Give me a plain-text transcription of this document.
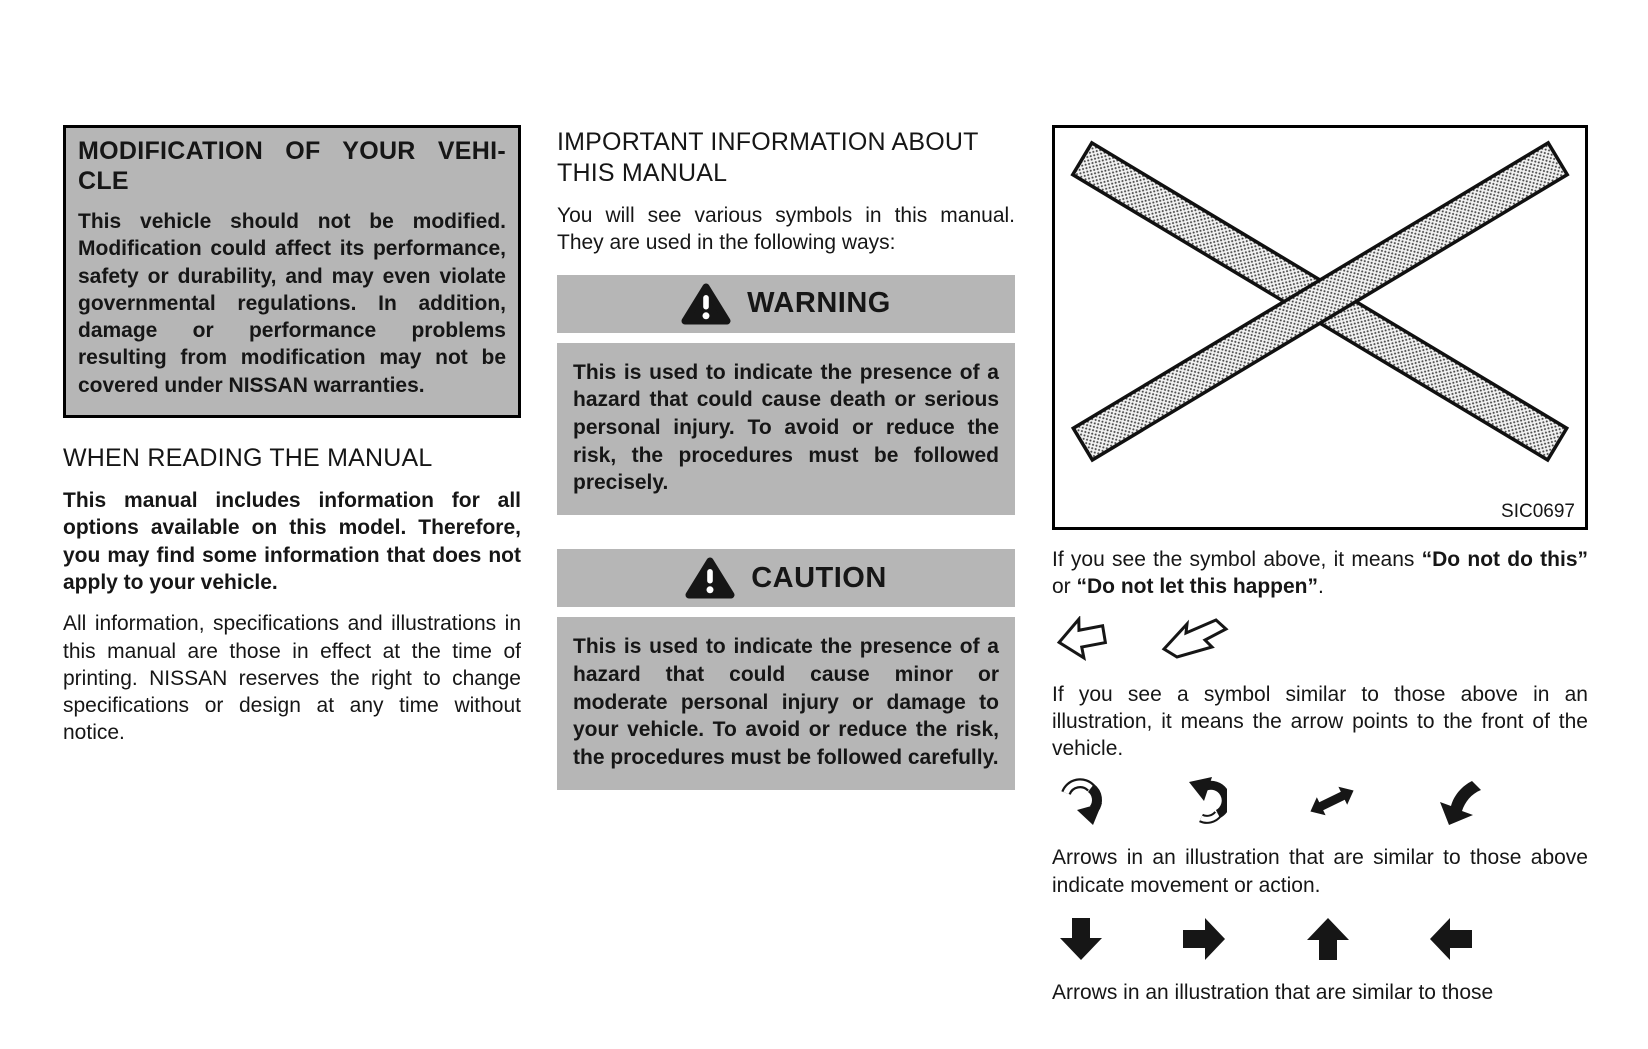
MODIFICATION OF YOUR VEHI-CLE
This vehicle should not be modified. Modification could affect its performance, safety or durability, and may even violate governmental regulations. In addition, damage or performance problems resulting from modification may not be covered under NISSAN warranties.
WHEN READING THE MANUAL

This manual includes information for all options available on this model. Therefore, you may find some information that does not apply to your vehicle.

All information, specifications and illustrations in this manual are those in effect at the time of printing. NISSAN reserves the right to change specifications or design at any time without notice.

IMPORTANT INFORMATION ABOUT THIS MANUAL

You will see various symbols in this manual. They are used in the following ways:

WARNING
This is used to indicate the presence of a hazard that could cause death or serious personal injury. To avoid or reduce the risk, the procedures must be followed precisely.
CAUTION
This is used to indicate the presence of a hazard that could cause minor or moderate personal injury or damage to your vehicle. To avoid or reduce the risk, the procedures must be followed carefully.
SIC0697

If you see the symbol above, it means “Do not do this” or “Do not let this happen”.

If you see a symbol similar to those above in an illustration, it means the arrow points to the front of the vehicle.

Arrows in an illustration that are similar to those above indicate movement or action.

Arrows in an illustration that are similar to those
